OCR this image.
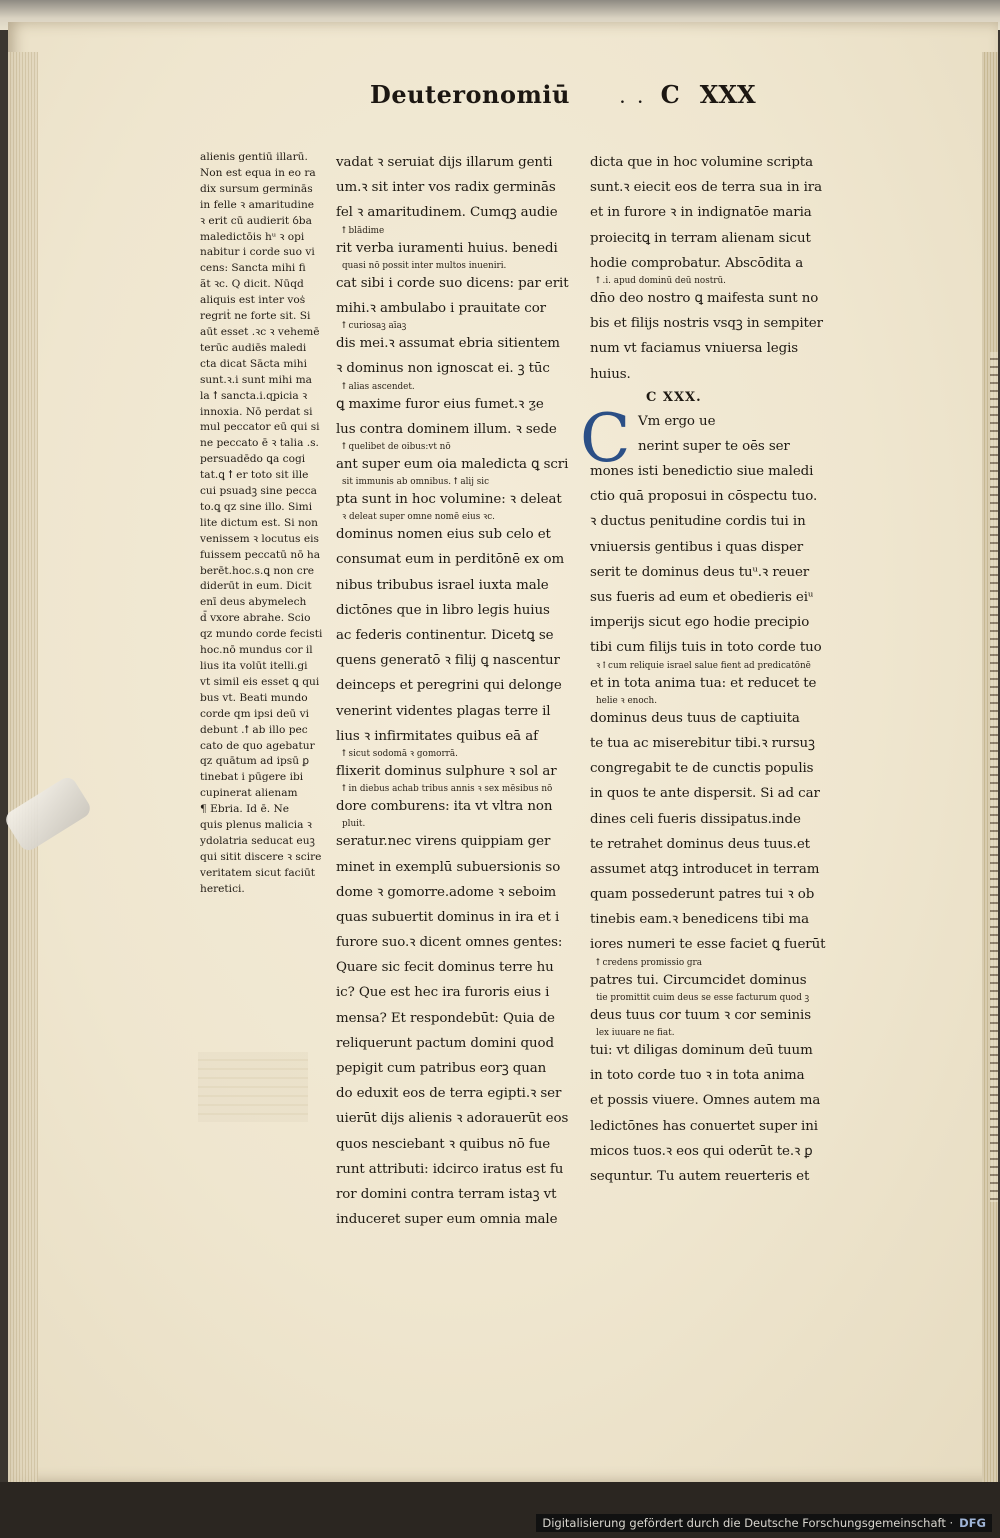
Deuteronomiū	. . C XXX
alienis gentiū illarū.
Non est equa in eo ra
dix sursum germinās
in felle ꝛ amaritudine
ꝛ erit cū audierit ỽba
maledictōis hᵘ ꝛ opi
nabitur i corde suo vi
cens: Sancta mihi fi
ãt ꝛc. Q dicit. Nūqd
aliquis est inter voṡ
regriṫ ne forte sit. Si
aūt esset .ꝛc ꝛ vehemē
terūc audiēs maledi
cta dicat Sācta mihi
sunt.ꝛ.i sunt mihi ma
la ꝉ sancta.i.ɋpicia ꝛ
innoxia. Nō perdat si
mul peccator eū qui si
ne peccato ē ꝛ talia .s.
persuadēdo ꝗa cogi
tat.ꝗ ꝉ er toto sit ille
cui psuadꝫ sine pecca
to.ꝗ qz sine illo. Simi
lite dictum est. Si non
venissem ꝛ locutus eis
fuissem peccatū nō ha
berēt.hoc.s.ꝗ non cre
diderūt in eum. Dicit
enī deus abymelech
d̄ vxore abrahe. Scio
qz mundo corde fecisti
hoc.nō mundus cor il
lius ita volūt itelli.gi
vt simil eis esset ꝗ qui
bus vt. Beati mundo
corde qm ipsi deū vi
debunt .ꝉ ab illo pec
cato de quo agebatur
qz quātum ad ipsū ꝑ
tinebat i pūgere ibi
cupinerat alienam
¶ Ebria. Id ē. Ne
quis plenus malicia ꝛ
ydolatria seducat euꝫ
qui sitit discere ꝛ scire
veritatem sicut faciūt
heretici.
vadat ꝛ seruiat dijs illarum genti
um.ꝛ sit inter vos radix germinās
fel ꝛ amaritudinem. Cumqꝫ audie
ꝉ blādime
rit verba iuramenti huius. benedi
quasi nō possit inter multos inueniri.
cat sibi i corde suo dicens: par erit
mihi.ꝛ ambulabo i prauitate cor
ꝉ curiosaꝫ aīaꝫ
dis mei.ꝛ assumat ebria sitientem
ꝛ dominus non ignoscat ei. ꝫ tūc
ꝉ alias ascendet.
ꝗ maxime furor eius fumet.ꝛ ƺe
lus contra dominem illum. ꝛ sede
ꝉ quelibet de oibus:vt nō
ant super eum oia maledicta ꝗ scri
sit immunis ab omnibus. ꝉ alij sic
pta sunt in hoc volumine: ꝛ deleat
ꝛ deleat super omne nomē eius ꝛc.
dominus nomen eius sub celo et
consumat eum in perditōnē ex om
nibus tribubus israel iuxta male
dictōnes que in libro legis huius
ac federis continentur. Dicetꝗ se
quens generatō ꝛ filij ꝗ nascentur
deinceps et peregrini qui delonge
venerint videntes plagas terre il
lius ꝛ infirmitates quibus eā af
ꝉ sicut sodomā ꝛ gomorrā.
flixerit dominus sulphure ꝛ sol ar
ꝉ in diebus achab tribus annis ꝛ sex mēsibus nō
dore comburens: ita vt vltra non
pluit.
seratur.nec virens quippiam ger
minet in exemplū subuersionis so
dome ꝛ gomorre.adome ꝛ seboim
quas subuertit dominus in ira et i
furore suo.ꝛ dicent omnes gentes:
Quare sic fecit dominus terre hu
ic? Que est hec ira furoris eius i
mensa? Et respondebūt: Quia de
reliquerunt pactum domini quod
pepigit cum patribus eorꝫ quan
do eduxit eos de terra egipti.ꝛ ser
uierūt dijs alienis ꝛ adorauerūt eos
quos nesciebant ꝛ quibus nō fue
runt attributi: idcirco iratus est fu
ror domini contra terram istaꝫ vt
induceret super eum omnia male
dicta que in hoc volumine scripta
sunt.ꝛ eiecit eos de terra sua in ira
et in furore ꝛ in indignatōe maria
proiecitꝗ in terram alienam sicut
hodie comprobatur. Abscōdita a
ꝉ .i. apud dominū deū nostrū.
dn̄o deo nostro ꝗ maifesta sunt no
bis et filijs nostris vsqꝫ in sempiter
num vt faciamus vniuersa legis
huius.
C XXX.
C Vm ergo ue
nerint super te oēs ser
mones isti benedictio siue maledi
ctio quā proposui in cōspectu tuo.
ꝛ ductus penitudine cordis tui in
vniuersis gentibus i quas disper
serit te dominus deus tuᵘ.ꝛ reuer
sus fueris ad eum et obedieris eiᵘ
imperijs sicut ego hodie precipio
tibi cum filijs tuis in toto corde tuo
ꝛ ꝉ cum reliquie israel salue fient ad predicatōnē
et in tota anima tua: et reducet te
helie ꝛ enoch.
dominus deus tuus de captiuita
te tua ac miserebitur tibi.ꝛ rursuꝫ
congregabit te de cunctis populis
in quos te ante dispersit. Si ad car
dines celi fueris dissipatus.inde
te retrahet dominus deus tuus.et
assumet atqꝫ introducet in terram
quam possederunt patres tui ꝛ ob
tinebis eam.ꝛ benedicens tibi ma
iores numeri te esse faciet ꝗ fuerūt
ꝉ credens promissio gra
patres tui. Circumcidet dominus
tie promittit cuim deus se esse facturum quod ꝫ
deus tuus cor tuum ꝛ cor seminis
lex iuuare ne fiat.
tui: vt diligas dominum deū tuum
in toto corde tuo ꝛ in tota anima
et possis viuere. Omnes autem ma
ledictōnes has conuertet super ini
micos tuos.ꝛ eos qui oderūt te.ꝛ ꝑ
sequntur. Tu autem reuerteris et
Digitalisierung gefördert durch die Deutsche Forschungsgemeinschaft · DFG
